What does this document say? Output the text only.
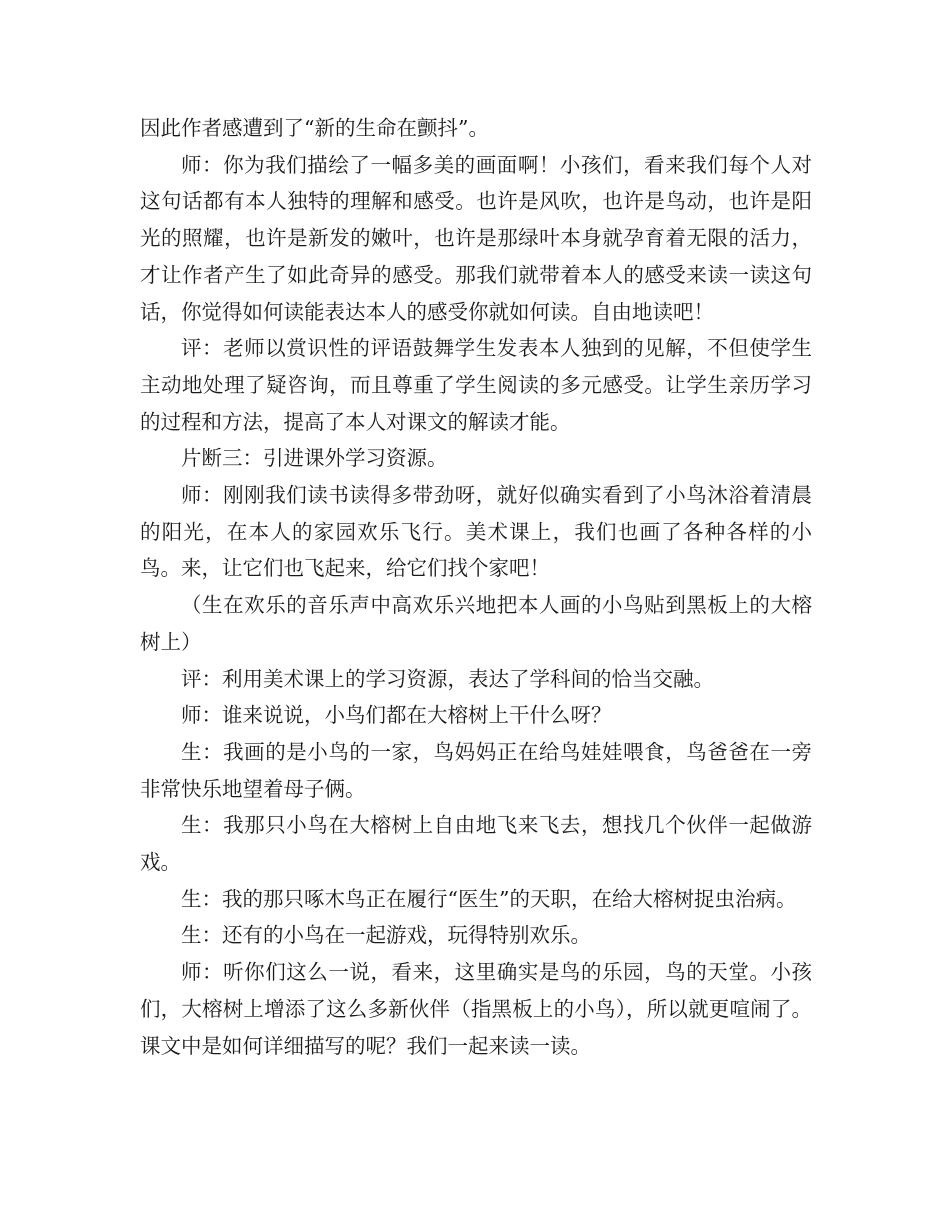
因此作者感遭到了“新的生命在颤抖”。

师：你为我们描绘了一幅多美的画面啊！小孩们，看来我们每个人对这句话都有本人独特的理解和感受。也许是风吹，也许是鸟动，也许是阳光的照耀，也许是新发的嫩叶，也许是那绿叶本身就孕育着无限的活力，才让作者产生了如此奇异的感受。那我们就带着本人的感受来读一读这句话，你觉得如何读能表达本人的感受你就如何读。自由地读吧！

评：老师以赏识性的评语鼓舞学生发表本人独到的见解，不但使学生主动地处理了疑咨询，而且尊重了学生阅读的多元感受。让学生亲历学习的过程和方法，提高了本人对课文的解读才能。

片断三：引进课外学习资源。

师：刚刚我们读书读得多带劲呀，就好似确实看到了小鸟沐浴着清晨的阳光，在本人的家园欢乐飞行。美术课上，我们也画了各种各样的小鸟。来，让它们也飞起来，给它们找个家吧！

（生在欢乐的音乐声中高欢乐兴地把本人画的小鸟贴到黑板上的大榕树上）

评：利用美术课上的学习资源，表达了学科间的恰当交融。

师：谁来说说，小鸟们都在大榕树上干什么呀？

生：我画的是小鸟的一家，鸟妈妈正在给鸟娃娃喂食，鸟爸爸在一旁非常快乐地望着母子俩。

生：我那只小鸟在大榕树上自由地飞来飞去，想找几个伙伴一起做游戏。

生：我的那只啄木鸟正在履行“医生”的天职，在给大榕树捉虫治病。

生：还有的小鸟在一起游戏，玩得特别欢乐。

师：听你们这么一说，看来，这里确实是鸟的乐园，鸟的天堂。小孩们，大榕树上增添了这么多新伙伴（指黑板上的小鸟），所以就更喧闹了。课文中是如何详细描写的呢？我们一起来读一读。
